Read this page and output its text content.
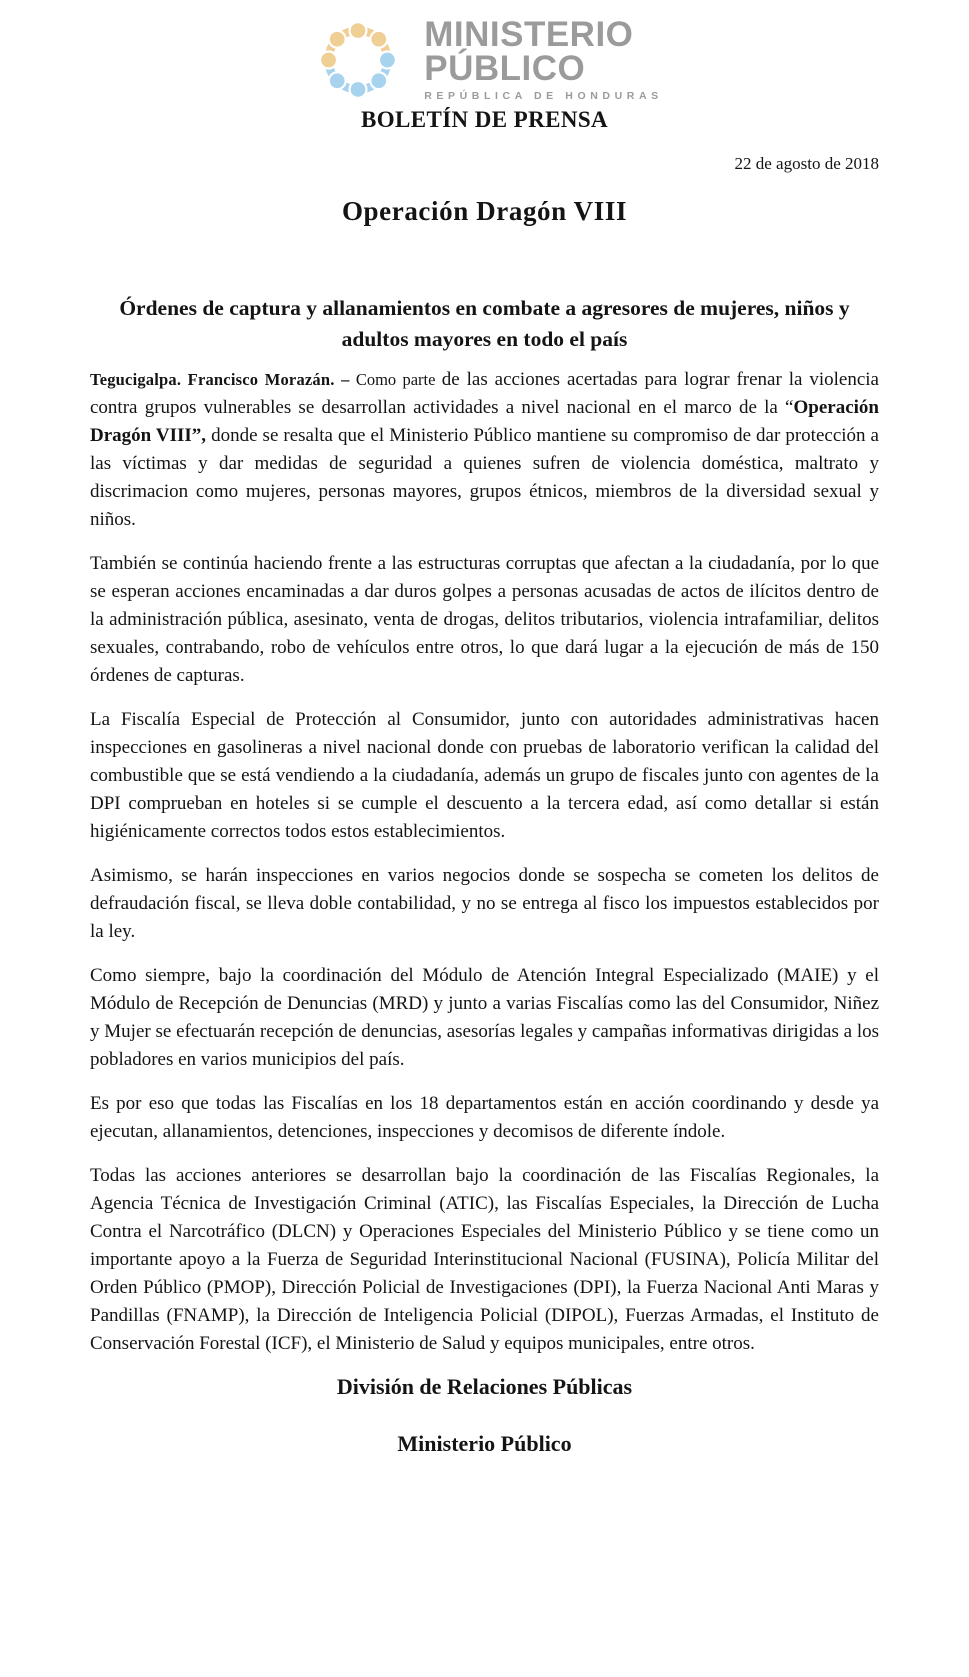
MINISTERIO
PÚBLICO
REPÚBLICA DE HONDURAS
BOLETÍN DE PRENSA
22 de agosto de 2018
Operación Dragón VIII
Órdenes de captura y allanamientos en combate a agresores de mujeres, niños y adultos mayores en todo el país

Tegucigalpa. Francisco Morazán. – Como parte de las acciones acertadas para lograr frenar la violencia contra grupos vulnerables se desarrollan actividades a nivel nacional en el marco de la “Operación Dragón VIII”, donde se resalta que el Ministerio Público mantiene su compromiso de dar protección a las víctimas y dar medidas de seguridad a quienes sufren de violencia doméstica, maltrato y discrimacion como mujeres, personas mayores, grupos étnicos, miembros de la diversidad sexual y niños.

También se continúa haciendo frente a las estructuras corruptas que afectan a la ciudadanía, por lo que se esperan acciones encaminadas a dar duros golpes a personas acusadas de actos de ilícitos dentro de la administración pública, asesinato, venta de drogas, delitos tributarios, violencia intrafamiliar, delitos sexuales, contrabando, robo de vehículos entre otros, lo que dará lugar a la ejecución de más de 150 órdenes de capturas.

La Fiscalía Especial de Protección al Consumidor, junto con autoridades administrativas hacen inspecciones en gasolineras a nivel nacional donde con pruebas de laboratorio verifican la calidad del combustible que se está vendiendo a la ciudadanía, además un grupo de fiscales junto con agentes de la DPI comprueban en hoteles si se cumple el descuento a la tercera edad, así como detallar si están higiénicamente correctos todos estos establecimientos.

Asimismo, se harán inspecciones en varios negocios donde se sospecha se cometen los delitos de defraudación fiscal, se lleva doble contabilidad, y no se entrega al fisco los impuestos establecidos por la ley.

Como siempre, bajo la coordinación del Módulo de Atención Integral Especializado (MAIE) y el Módulo de Recepción de Denuncias (MRD) y junto a varias Fiscalías como las del Consumidor, Niñez y Mujer se efectuarán recepción de denuncias, asesorías legales y campañas informativas dirigidas a los pobladores en varios municipios del país.

Es por eso que todas las Fiscalías en los 18 departamentos están en acción coordinando y desde ya ejecutan, allanamientos, detenciones, inspecciones y decomisos de diferente índole.

Todas las acciones anteriores se desarrollan bajo la coordinación de las Fiscalías Regionales, la Agencia Técnica de Investigación Criminal (ATIC), las Fiscalías Especiales, la Dirección de Lucha Contra el Narcotráfico (DLCN) y Operaciones Especiales del Ministerio Público y se tiene como un importante apoyo a la Fuerza de Seguridad Interinstitucional Nacional (FUSINA), Policía Militar del Orden Público (PMOP), Dirección Policial de Investigaciones (DPI), la Fuerza Nacional Anti Maras y Pandillas (FNAMP), la Dirección de Inteligencia Policial (DIPOL), Fuerzas Armadas, el Instituto de Conservación Forestal (ICF), el Ministerio de Salud y equipos municipales, entre otros.

División de Relaciones Públicas
Ministerio Público
